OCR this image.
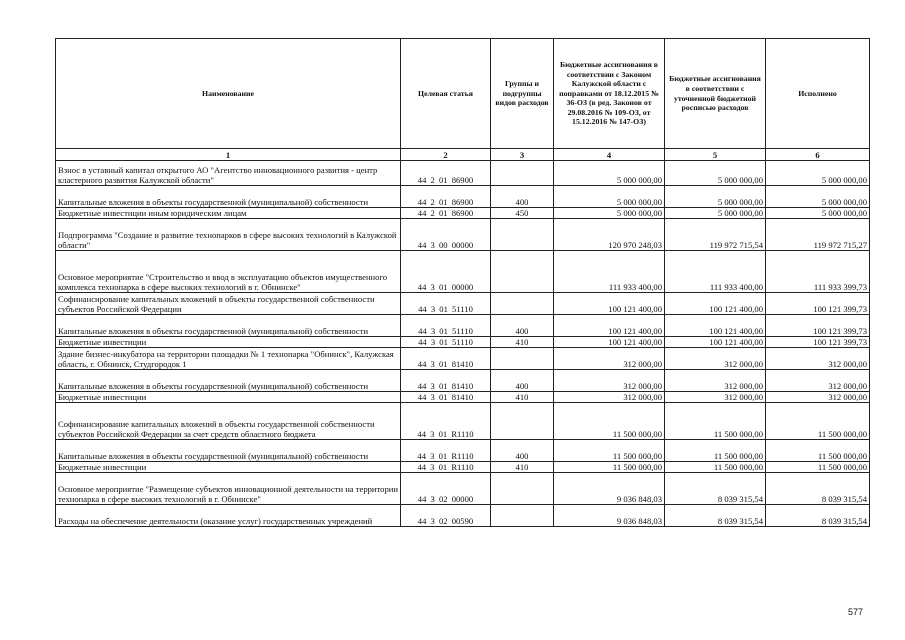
Наименование	Целевая статья	Группы и подгруппы видов расходов	Бюджетные ассигнования в соответствии с Законом Калужской области с поправками от 18.12.2015 № 36-ОЗ (в ред. Законов от 29.08.2016 № 109-ОЗ, от 15.12.2016 № 147-ОЗ)	Бюджетные ассигнования в соответствии с уточненной бюджетной росписью расходов	Исполнено
1	2	3	4	5	6
Взнос в уставный капитал открытого АО "Агентство инновационного развития - центр кластерного развития Калужской области"	44 2 01 86900		5 000 000,00	5 000 000,00	5 000 000,00
Капитальные вложения в объекты государственной (муниципальной) собственности	44 2 01 86900	400	5 000 000,00	5 000 000,00	5 000 000,00
Бюджетные инвестиции иным юридическим лицам	44 2 01 86900	450	5 000 000,00	5 000 000,00	5 000 000,00
Подпрограмма "Создание и развитие технопарков в сфере высоких технологий в Калужской области"	44 3 00 00000		120 970 248,03	119 972 715,54	119 972 715,27
Основное мероприятие "Строительство и ввод в эксплуатацию объектов имущественного комплекса технопарка в сфере высоких технологий в г. Обнинске"	44 3 01 00000		111 933 400,00	111 933 400,00	111 933 399,73
Софинансирование капитальных вложений в объекты государственной собственности субъектов Российской Федерации	44 3 01 51110		100 121 400,00	100 121 400,00	100 121 399,73
Капитальные вложения в объекты государственной (муниципальной) собственности	44 3 01 51110	400	100 121 400,00	100 121 400,00	100 121 399,73
Бюджетные инвестиции	44 3 01 51110	410	100 121 400,00	100 121 400,00	100 121 399,73
Здание бизнес-инкубатора на территории площадки № 1 технопарка "Обнинск", Калужская область, г. Обнинск, Студгородок 1	44 3 01 81410		312 000,00	312 000,00	312 000,00
Капитальные вложения в объекты государственной (муниципальной) собственности	44 3 01 81410	400	312 000,00	312 000,00	312 000,00
Бюджетные инвестиции	44 3 01 81410	410	312 000,00	312 000,00	312 000,00
Софинансирование капитальных вложений в объекты государственной собственности субъектов Российской Федерации за счет средств областного бюджета	44 3 01 R1110		11 500 000,00	11 500 000,00	11 500 000,00
Капитальные вложения в объекты государственной (муниципальной) собственности	44 3 01 R1110	400	11 500 000,00	11 500 000,00	11 500 000,00
Бюджетные инвестиции	44 3 01 R1110	410	11 500 000,00	11 500 000,00	11 500 000,00
Основное мероприятие "Размещение субъектов инновационной деятельности на территории технопарка в сфере высоких технологий в г. Обнинске"	44 3 02 00000		9 036 848,03	8 039 315,54	8 039 315,54
Расходы на обеспечение деятельности (оказание услуг) государственных учреждений	44 3 02 00590		9 036 848,03	8 039 315,54	8 039 315,54
577
